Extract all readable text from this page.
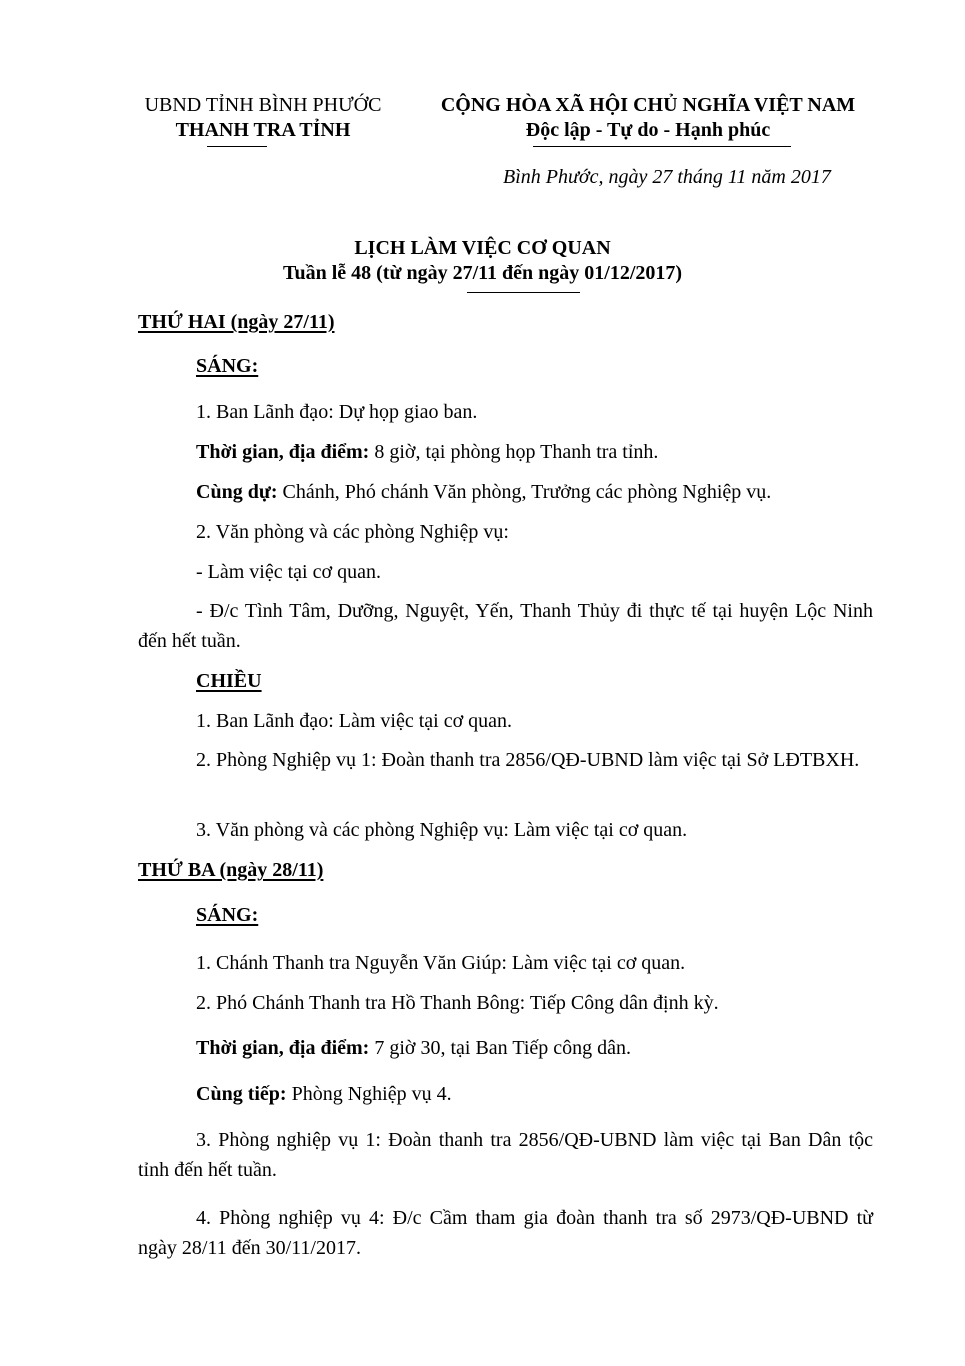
UBND TỈNH BÌNH PHƯỚC
THANH TRA TỈNH
CỘNG HÒA XÃ HỘI CHỦ NGHĨA VIỆT NAM
Độc lập - Tự do - Hạnh phúc
Bình Phước, ngày 27 tháng 11 năm 2017
LỊCH LÀM VIỆC CƠ QUAN
Tuần lễ 48 (từ ngày 27/11 đến ngày 01/12/2017)
THỨ HAI (ngày 27/11)
SÁNG:
1. Ban Lãnh đạo: Dự họp giao ban.
Thời gian, địa điểm: 8 giờ, tại phòng họp Thanh tra tỉnh.
Cùng dự: Chánh, Phó chánh Văn phòng, Trưởng các phòng Nghiệp vụ.
2. Văn phòng và các phòng Nghiệp vụ:
- Làm việc tại cơ quan.
- Đ/c Tình Tâm, Dưỡng, Nguyệt, Yến, Thanh Thủy đi thực tế tại huyện Lộc Ninh đến hết tuần.
CHIỀU
1. Ban Lãnh đạo: Làm việc tại cơ quan.
2. Phòng Nghiệp vụ 1: Đoàn thanh tra 2856/QĐ-UBND làm việc tại Sở LĐTBXH.
3. Văn phòng và các phòng Nghiệp vụ: Làm việc tại cơ quan.
THỨ BA (ngày 28/11)
SÁNG:
1. Chánh Thanh tra Nguyễn Văn Giúp: Làm việc tại cơ quan.
2. Phó Chánh Thanh tra Hồ Thanh Bông: Tiếp Công dân định kỳ.
Thời gian, địa điểm: 7 giờ 30, tại Ban Tiếp công dân.
Cùng tiếp: Phòng Nghiệp vụ 4.
3. Phòng nghiệp vụ 1: Đoàn thanh tra 2856/QĐ-UBND làm việc tại Ban Dân tộc tỉnh đến hết tuần.
4. Phòng nghiệp vụ 4: Đ/c Cầm tham gia đoàn thanh tra số 2973/QĐ-UBND từ ngày 28/11 đến 30/11/2017.
